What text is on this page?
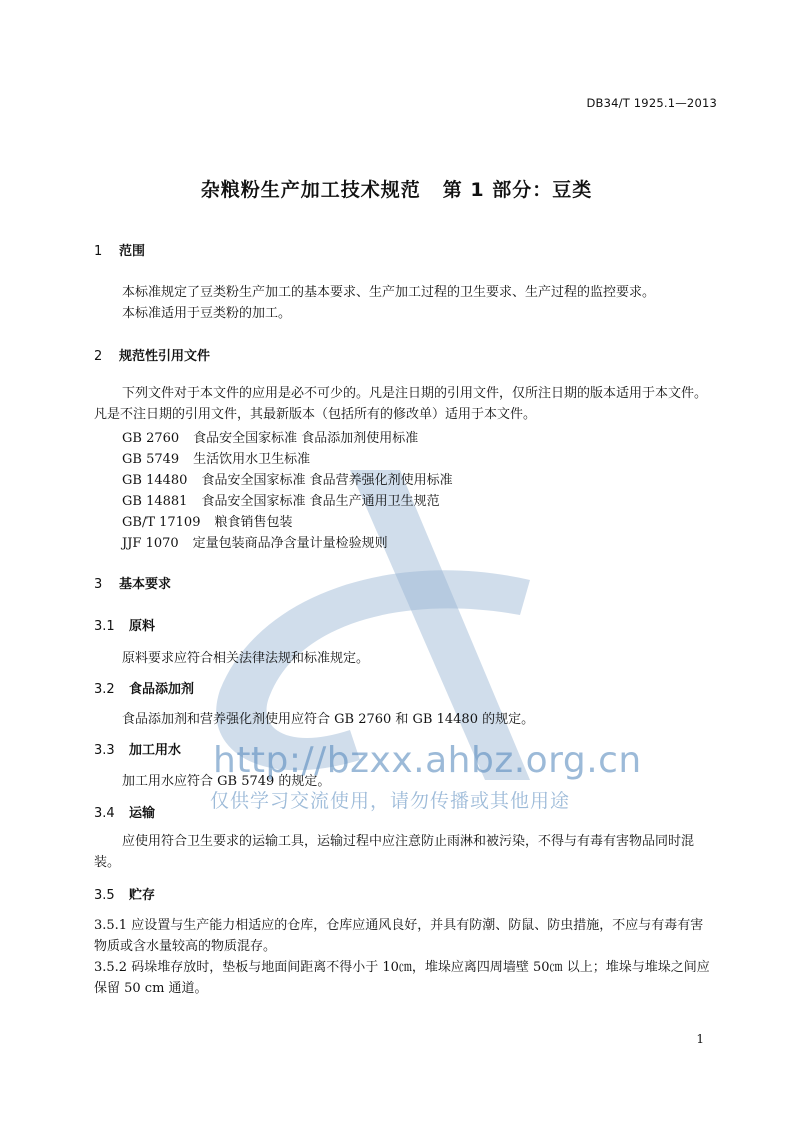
DB34/T 1925.1—2013
杂粮粉生产加工技术规范 第 1 部分：豆类
1 范围
本标准规定了豆类粉生产加工的基本要求、生产加工过程的卫生要求、生产过程的监控要求。
本标准适用于豆类粉的加工。
2 规范性引用文件
下列文件对于本文件的应用是必不可少的。凡是注日期的引用文件，仅所注日期的版本适用于本文件。凡是不注日期的引用文件，其最新版本（包括所有的修改单）适用于本文件。
GB 2760 食品安全国家标准 食品添加剂使用标准
GB 5749 生活饮用水卫生标准
GB 14480 食品安全国家标准 食品营养强化剂使用标准
GB 14881 食品安全国家标准 食品生产通用卫生规范
GB/T 17109 粮食销售包装
JJF 1070 定量包装商品净含量计量检验规则
3 基本要求
3.1 原料
原料要求应符合相关法律法规和标准规定。
3.2 食品添加剂
食品添加剂和营养强化剂使用应符合 GB 2760 和 GB 14480 的规定。
3.3 加工用水
加工用水应符合 GB 5749 的规定。
3.4 运输
应使用符合卫生要求的运输工具，运输过程中应注意防止雨淋和被污染，不得与有毒有害物品同时混装。
3.5 贮存
3.5.1 应设置与生产能力相适应的仓库，仓库应通风良好，并具有防潮、防鼠、防虫措施，不应与有毒有害物质或含水量较高的物质混存。
3.5.2 码垛堆存放时，垫板与地面间距离不得小于 10㎝，堆垛应离四周墙壁 50㎝ 以上；堆垛与堆垛之间应保留 50 cm 通道。
http://bzxx.ahbz.org.cn
仅供学习交流使用，请勿传播或其他用途
1
